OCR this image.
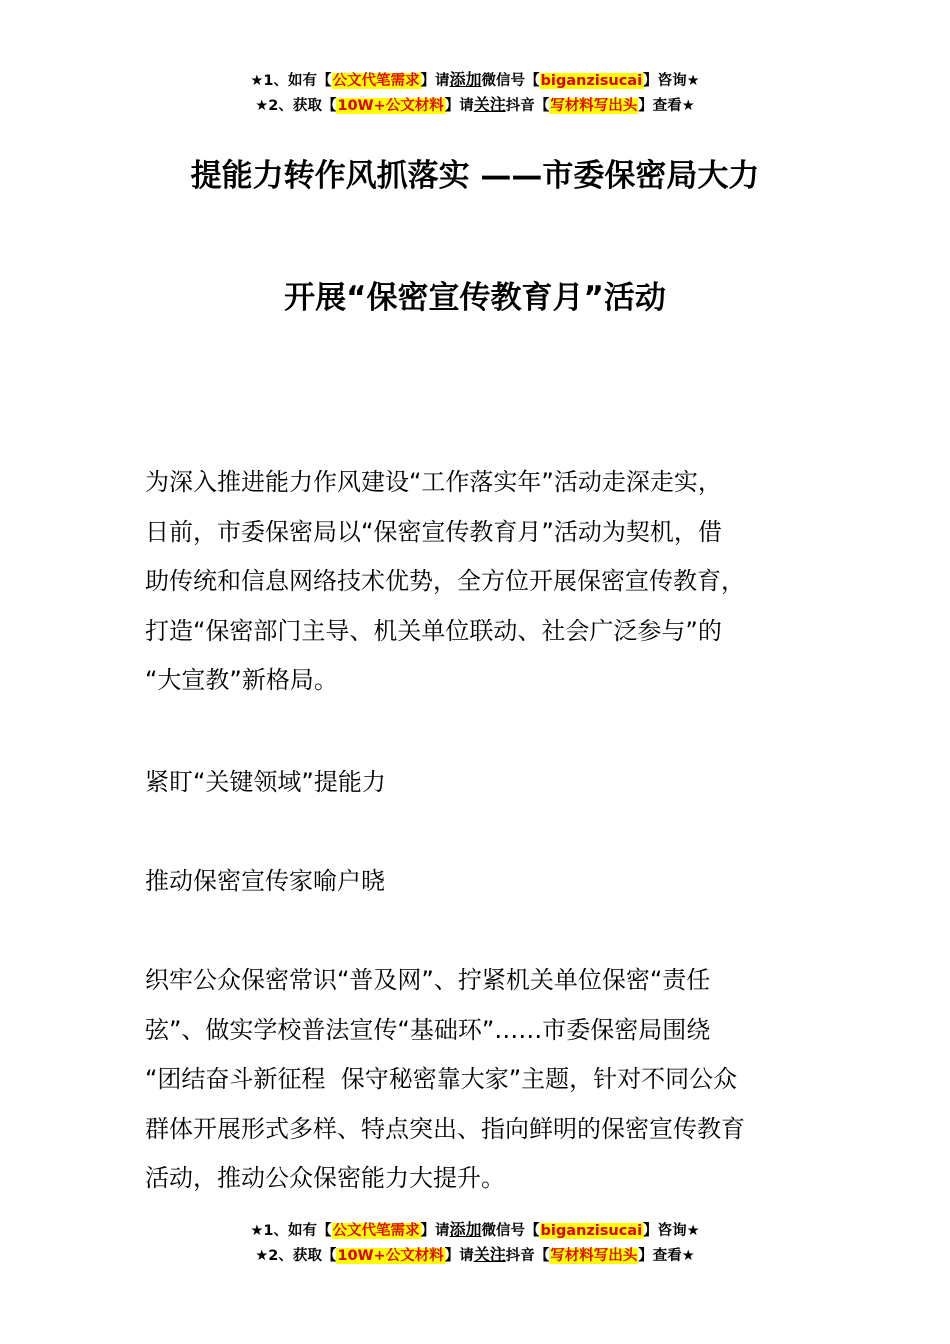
★1、如有【公文代笔需求】请添加微信号【biganzisucai】咨询★
★2、获取【10W+公文材料】请关注抖音【写材料写出头】查看★
提能力转作风抓落实 ——市委保密局大力
开展“保密宣传教育月”活动
为深入推进能力作风建设“工作落实年”活动走深走实，
日前，市委保密局以“保密宣传教育月”活动为契机，借
助传统和信息网络技术优势，全方位开展保密宣传教育，
打造“保密部门主导、机关单位联动、社会广泛参与”的
“大宣教”新格局。
紧盯“关键领域”提能力
推动保密宣传家喻户晓
织牢公众保密常识“普及网”、拧紧机关单位保密“责任
弦”、做实学校普法宣传“基础环”……市委保密局围绕
“团结奋斗新征程  保守秘密靠大家”主题，针对不同公众
群体开展形式多样、特点突出、指向鲜明的保密宣传教育
活动，推动公众保密能力大提升。
★1、如有【公文代笔需求】请添加微信号【biganzisucai】咨询★
★2、获取【10W+公文材料】请关注抖音【写材料写出头】查看★
